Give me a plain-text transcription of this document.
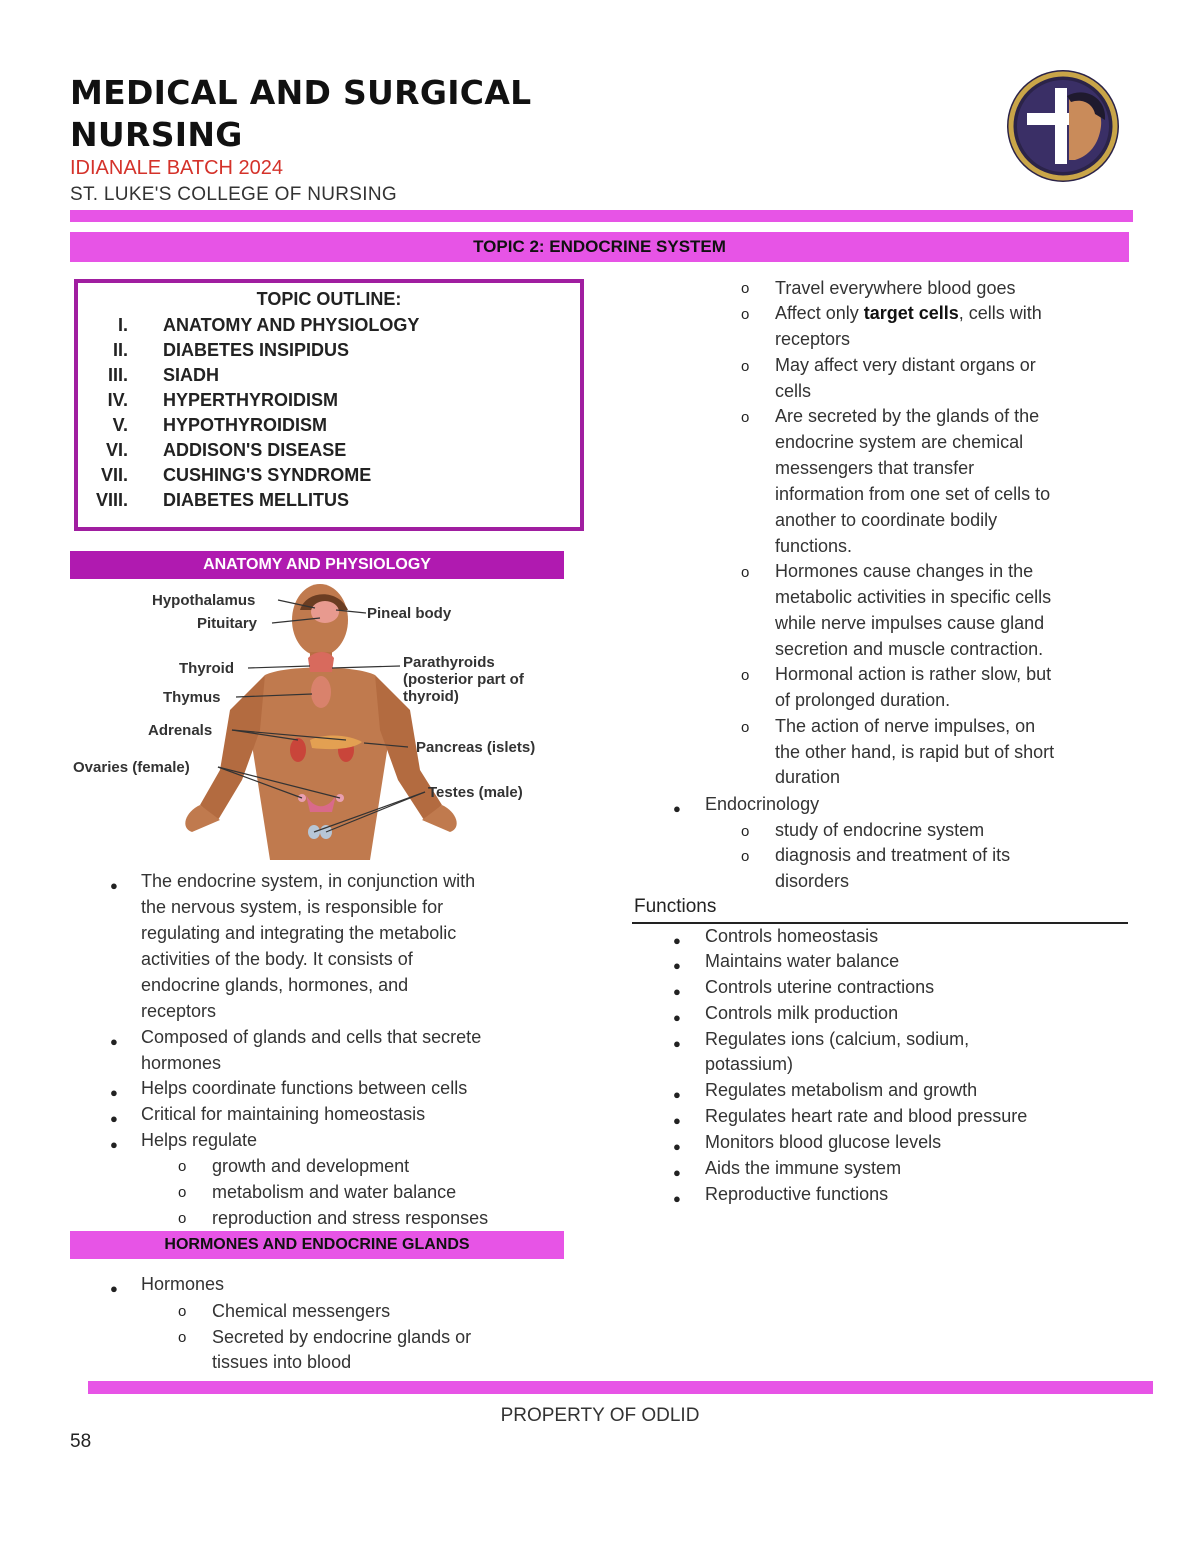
MEDICAL AND SURGICAL
NURSING
IDIANALE BATCH 2024
ST. LUKE'S COLLEGE OF NURSING
TOPIC 2: ENDOCRINE SYSTEM
TOPIC OUTLINE:
I. ANATOMY AND PHYSIOLOGY
II. DIABETES INSIPIDUS
III. SIADH
IV. HYPERTHYROIDISM
V. HYPOTHYROIDISM
VI. ADDISON'S DISEASE
VII. CUSHING'S SYNDROME
VIII. DIABETES MELLITUS
ANATOMY AND PHYSIOLOGY
Hypothalamus
Pituitary
Pineal body
Thyroid	Parathyroids
(posterior part of
thyroid)
Thymus
Adrenals
Pancreas (islets)
Ovaries (female)
Testes (male)
● The endocrine system, in conjunction with
the nervous system, is responsible for
regulating and integrating the metabolic
activities of the body. It consists of
endocrine glands, hormones, and
receptors
● Composed of glands and cells that secrete
hormones
● Helps coordinate functions between cells
● Critical for maintaining homeostasis
● Helps regulate
o growth and development
o metabolism and water balance
o reproduction and stress responses
HORMONES AND ENDOCRINE GLANDS
● Hormones
o Chemical messengers
o Secreted by endocrine glands or
tissues into blood
o Travel everywhere blood goes
o Affect only target cells, cells with
receptors
o May affect very distant organs or
cells
o Are secreted by the glands of the
endocrine system are chemical
messengers that transfer
information from one set of cells to
another to coordinate bodily
functions.
o Hormones cause changes in the
metabolic activities in specific cells
while nerve impulses cause gland
secretion and muscle contraction.
o Hormonal action is rather slow, but
of prolonged duration.
o The action of nerve impulses, on
the other hand, is rapid but of short
duration
● Endocrinology
o study of endocrine system
o diagnosis and treatment of its
disorders
Functions
● Controls homeostasis
● Maintains water balance
● Controls uterine contractions
● Controls milk production
● Regulates ions (calcium, sodium,
potassium)
● Regulates metabolism and growth
● Regulates heart rate and blood pressure
● Monitors blood glucose levels
● Aids the immune system
● Reproductive functions
PROPERTY OF ODLID
58
